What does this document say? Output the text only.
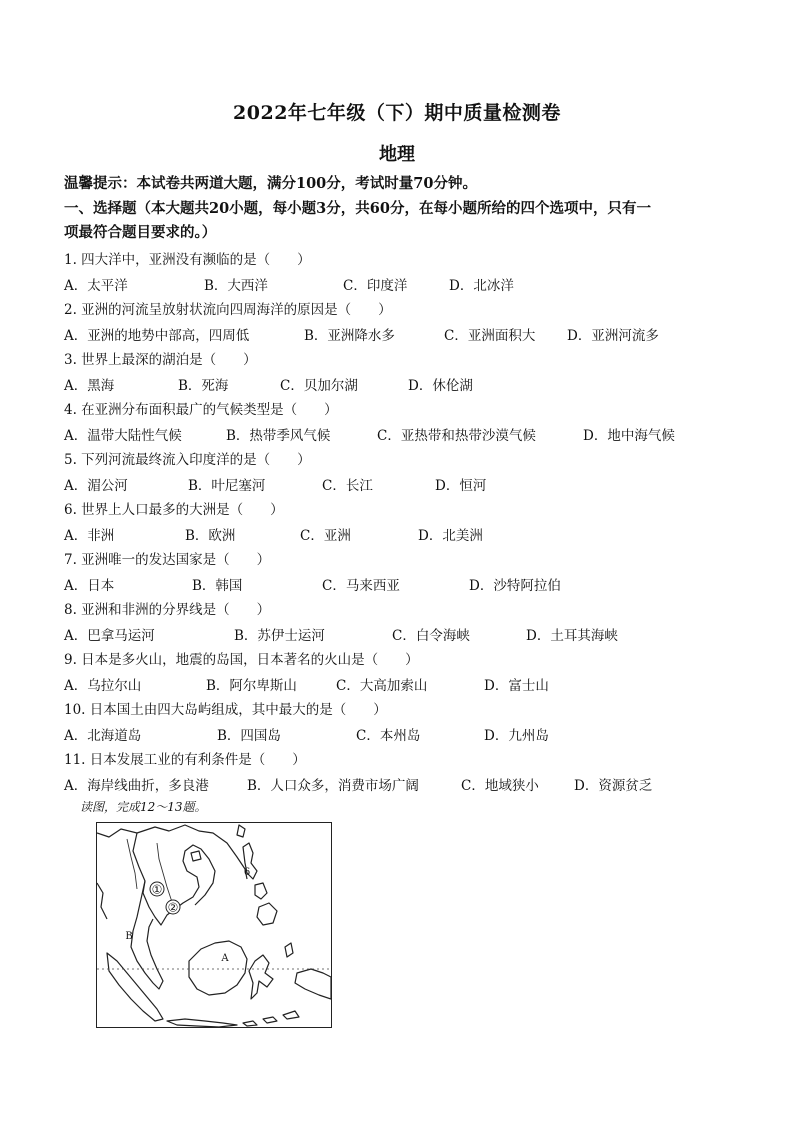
2022年七年级（下）期中质量检测卷
地理
温馨提示：本试卷共两道大题，满分100分，考试时量70分钟。
一、选择题（本大题共20小题，每小题3分，共60分，在每小题所给的四个选项中，只有一
项最符合题目要求的。）
1. 四大洋中，亚洲没有濒临的是（　　）
A．太平洋	B．大西洋	C．印度洋	D．北冰洋
2. 亚洲的河流呈放射状流向四周海洋的原因是（　　）
A．亚洲的地势中部高，四周低	B．亚洲降水多	C．亚洲面积大 D．亚洲河流多
3. 世界上最深的湖泊是（　　）
A．黑海	B．死海	C．贝加尔湖	D．休伦湖
4. 在亚洲分布面积最广的气候类型是（　　）
A．温带大陆性气候	B．热带季风气候	C．亚热带和热带沙漠气候	D．地中海气候
5. 下列河流最终流入印度洋的是（　　）
A．湄公河	B．叶尼塞河	C．长江	D．恒河
6. 世界上人口最多的大洲是（　　）
A．非洲	B．欧洲	C．亚洲	D．北美洲
7. 亚洲唯一的发达国家是（　　）
A．日本	B．韩国	C．马来西亚	D．沙特阿拉伯
8. 亚洲和非洲的分界线是（　　）
A．巴拿马运河	B．苏伊士运河	C．白令海峡	D．土耳其海峡
9. 日本是多火山，地震的岛国，日本著名的火山是（　　）
A．乌拉尔山	B．阿尔卑斯山	C．大高加索山	D．富士山
10. 日本国土由四大岛屿组成，其中最大的是（　　）
A．北海道岛	B．四国岛	C．本州岛	D．九州岛
11. 日本发展工业的有利条件是（　　）
A．海岸线曲折，多良港	B．人口众多，消费市场广阔	C．地域狭小	D．资源贫乏
读图，完成12～13题。
①
②
B
A
6
